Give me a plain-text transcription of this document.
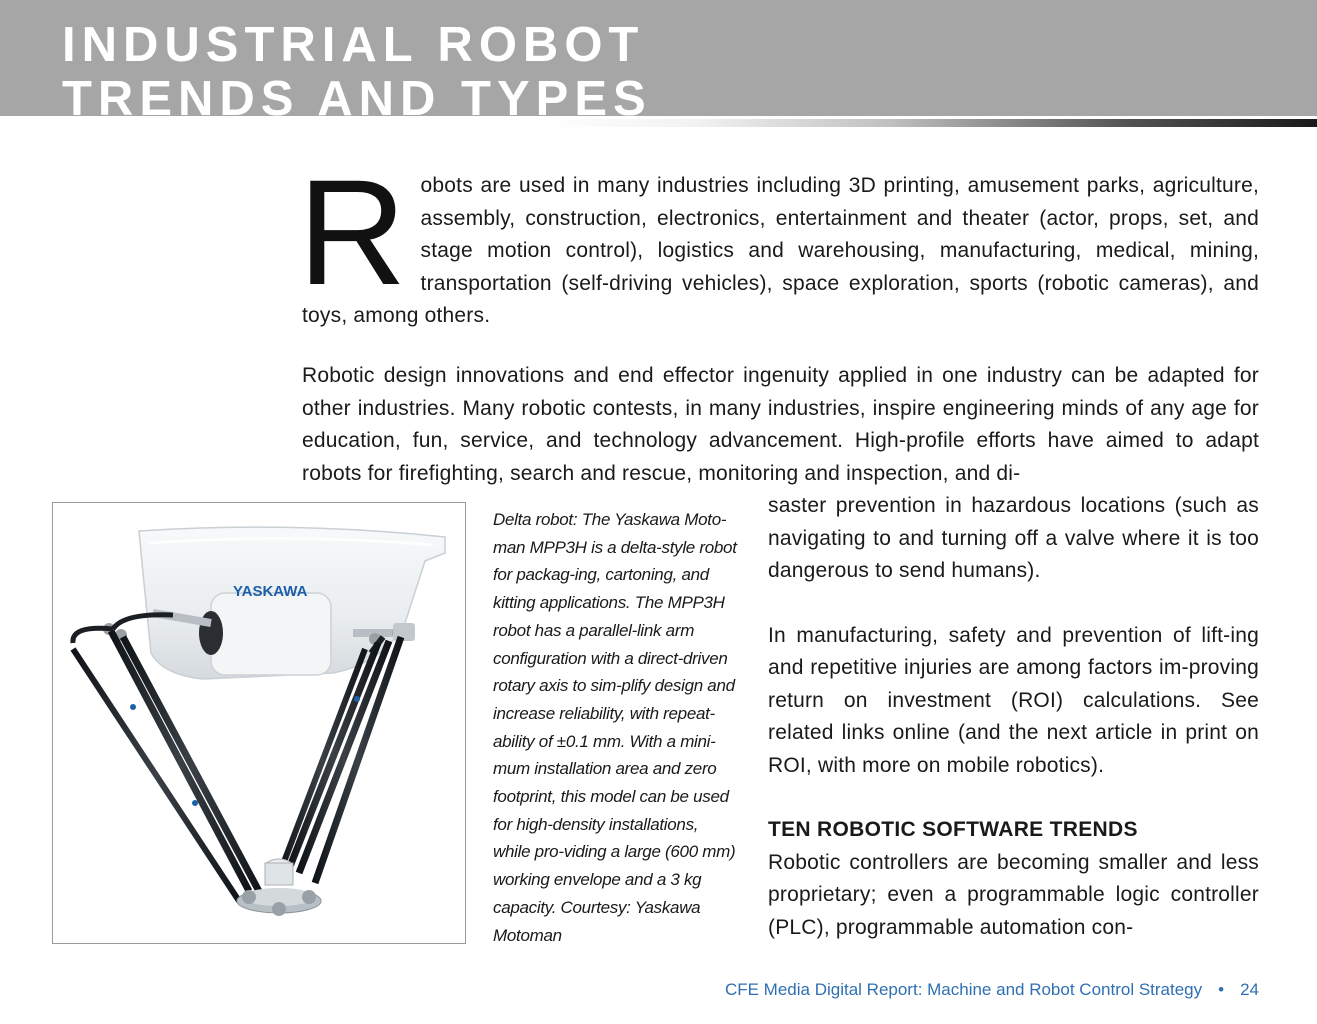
INDUSTRIAL ROBOT
TRENDS AND TYPES
Robots are used in many industries including 3D printing, amusement parks, agriculture, assembly, construction, electronics, entertainment and theater (actor, props, set, and stage motion control), logistics and warehousing, manufacturing, medical, mining, transportation (self-driving vehicles), space exploration, sports (robotic cameras), and toys, among others.
Robotic design innovations and end effector ingenuity applied in one industry can be adapted for other industries. Many robotic contests, in many industries, inspire engineering minds of any age for education, fun, service, and technology advancement. High-profile efforts have aimed to adapt robots for firefighting, search and rescue, monitoring and inspection, and di-
YASKAWA
Delta robot: The Yaskawa Moto-man MPP3H is a delta-style robot for packag-ing, cartoning, and kitting applications. The MPP3H robot has a parallel-link arm configuration with a direct-driven rotary axis to sim-plify design and increase reliability, with repeat-ability of ±0.1 mm. With a mini-mum installation area and zero footprint, this model can be used for high-density installations, while pro-viding a large (600 mm) working envelope and a 3 kg capacity. Courtesy: Yaskawa Motoman

saster prevention in hazardous locations (such as navigating to and turning off a valve where it is too dangerous to send humans).

In manufacturing, safety and prevention of lift-ing and repetitive injuries are among factors im-proving return on investment (ROI) calculations. See related links online (and the next article in print on ROI, with more on mobile robotics).

TEN ROBOTIC SOFTWARE TRENDS

Robotic controllers are becoming smaller and less proprietary; even a programmable logic controller (PLC), programmable automation con-

CFE Media Digital Report: Machine and Robot Control Strategy • 24
